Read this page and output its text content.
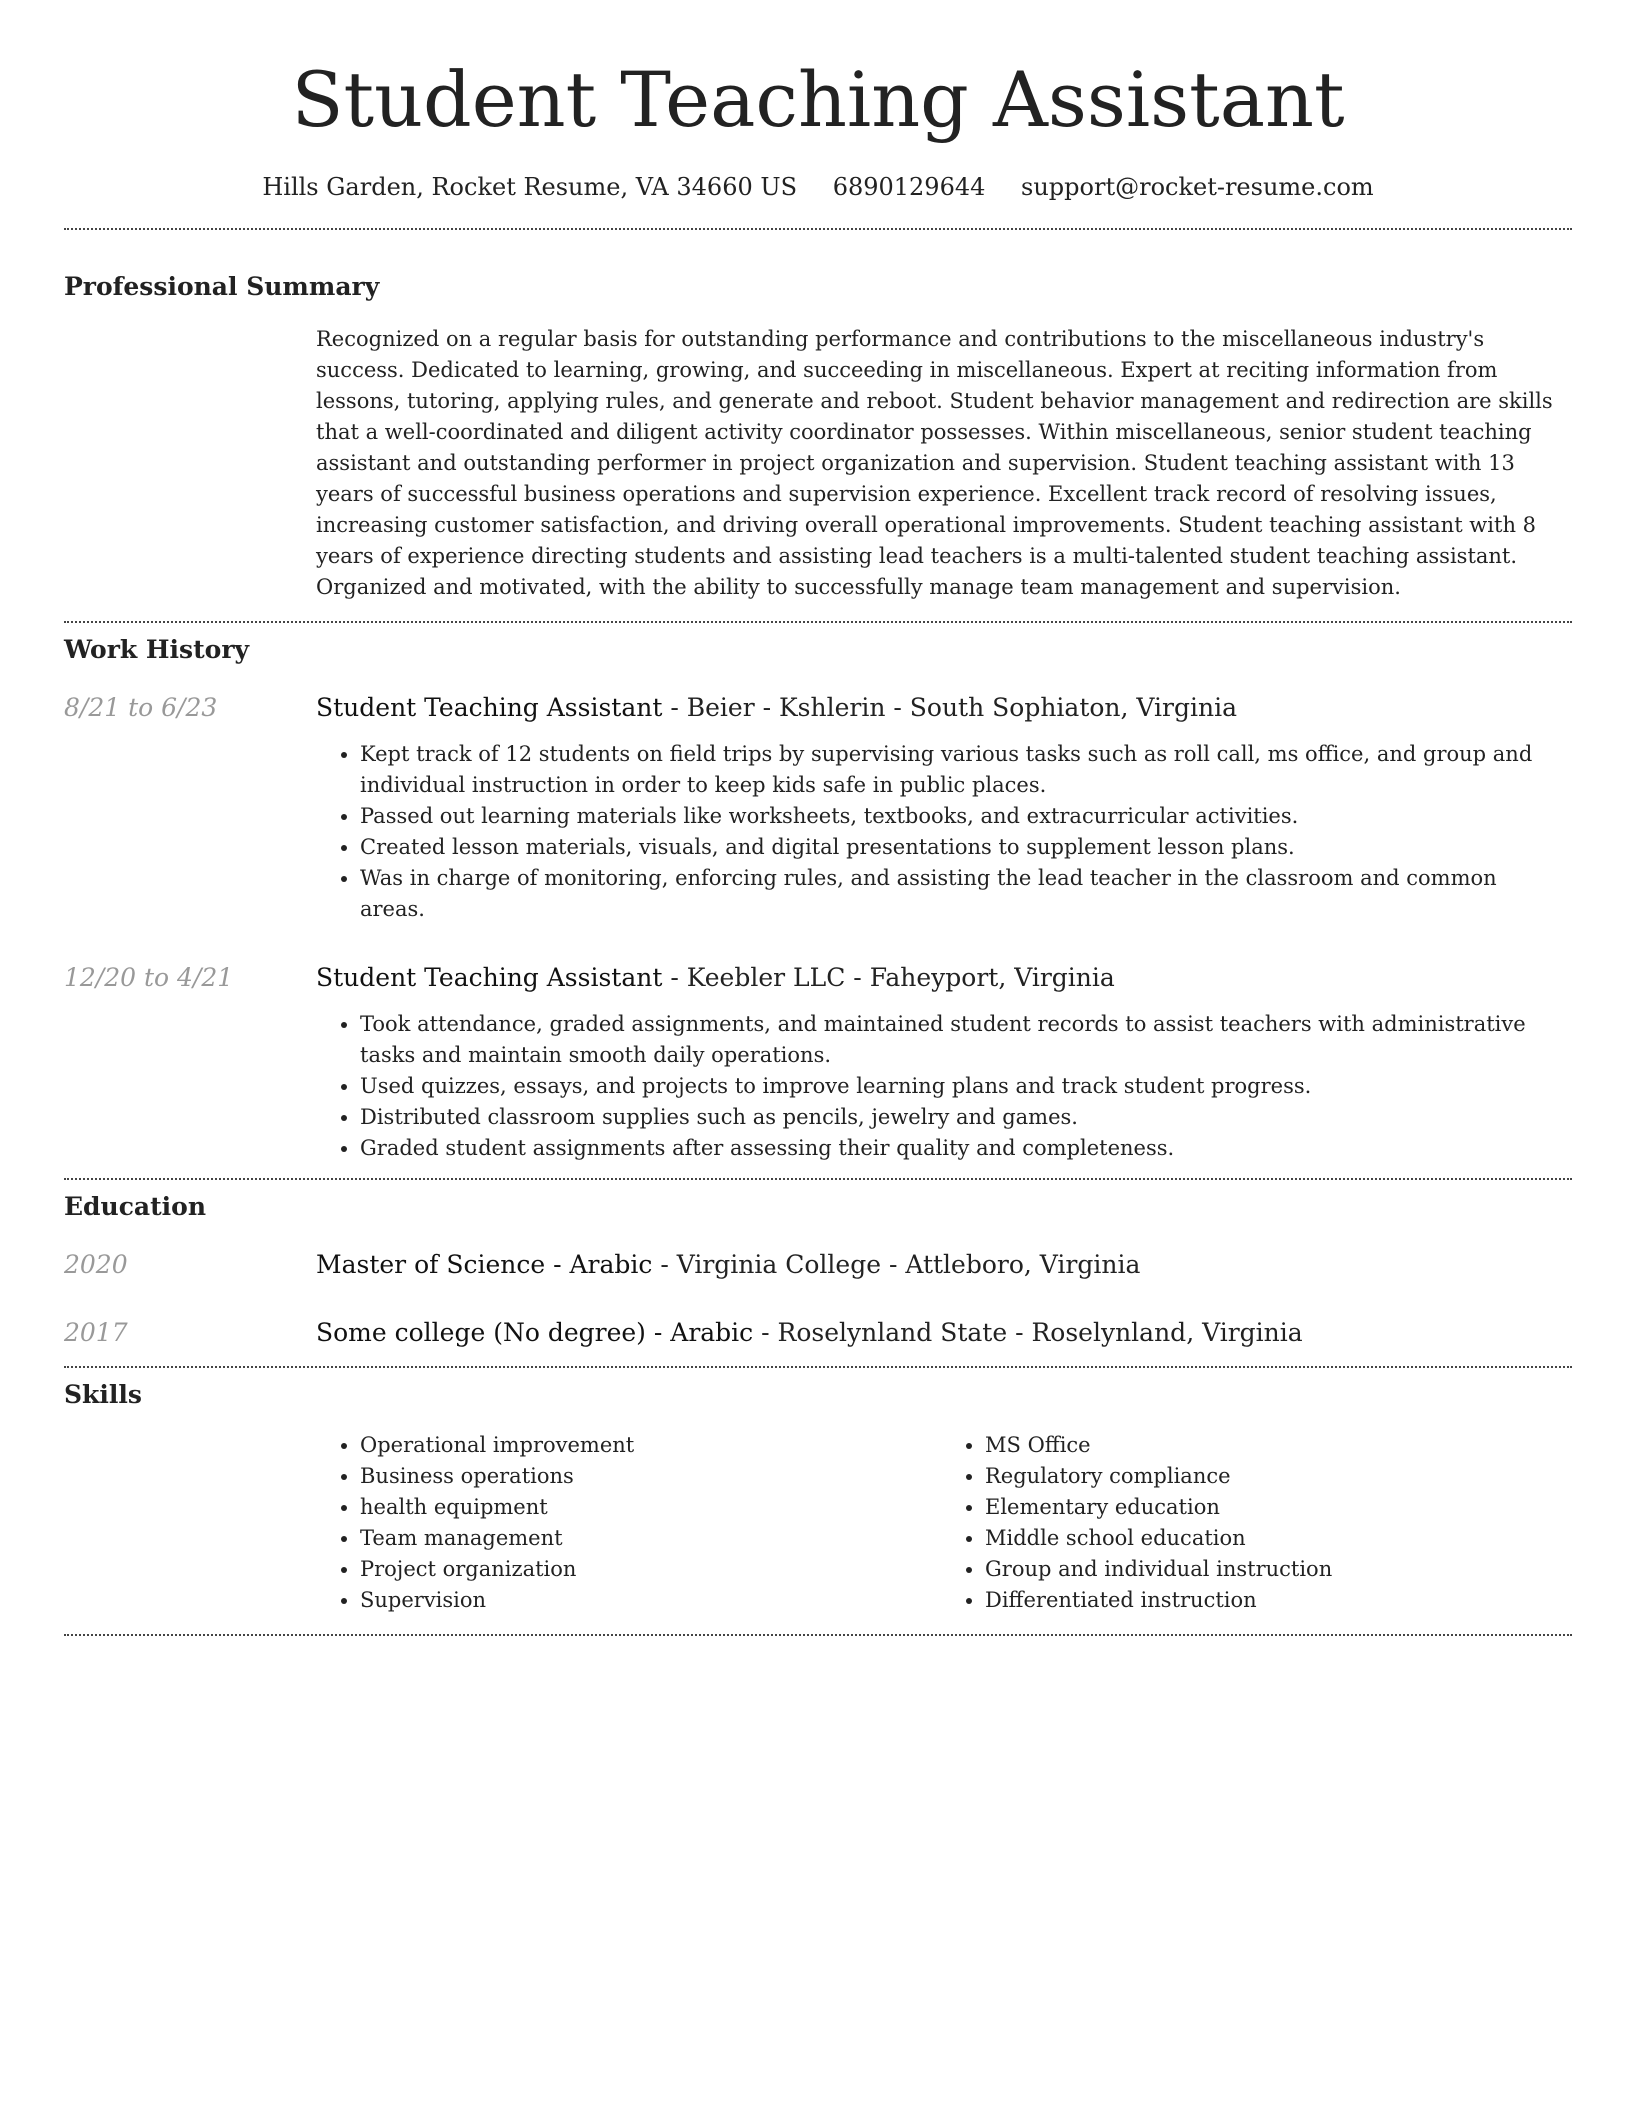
Student Teaching Assistant
Hills Garden, Rocket Resume, VA 34660 US 6890129644 support@rocket-resume.com
Professional Summary

Recognized on a regular basis for outstanding performance and contributions to the miscellaneous industry's success. Dedicated to learning, growing, and succeeding in miscellaneous. Expert at reciting information from lessons, tutoring, applying rules, and generate and reboot. Student behavior management and redirection are skills that a well-coordinated and diligent activity coordinator possesses. Within miscellaneous, senior student teaching assistant and outstanding performer in project organization and supervision. Student teaching assistant with 13 years of successful business operations and supervision experience. Excellent track record of resolving issues, increasing customer satisfaction, and driving overall operational improvements. Student teaching assistant with 8 years of experience directing students and assisting lead teachers is a multi-talented student teaching assistant. Organized and motivated, with the ability to successfully manage team management and supervision.

Work History
8/21 to 6/23	Student Teaching Assistant - Beier - Kshlerin - South Sophiaton, Virginia
• Kept track of 12 students on field trips by supervising various tasks such as roll call, ms office, and group and individual instruction in order to keep kids safe in public places.
• Passed out learning materials like worksheets, textbooks, and extracurricular activities.
• Created lesson materials, visuals, and digital presentations to supplement lesson plans.
• Was in charge of monitoring, enforcing rules, and assisting the lead teacher in the classroom and common areas.
12/20 to 4/21	Student Teaching Assistant - Keebler LLC - Faheyport, Virginia
• Took attendance, graded assignments, and maintained student records to assist teachers with administrative tasks and maintain smooth daily operations.
• Used quizzes, essays, and projects to improve learning plans and track student progress.
• Distributed classroom supplies such as pencils, jewelry and games.
• Graded student assignments after assessing their quality and completeness.
Education
2020	Master of Science - Arabic - Virginia College - Attleboro, Virginia
2017	Some college (No degree) - Arabic - Roselynland State - Roselynland, Virginia
Skills
• Operational improvement
• Business operations
• health equipment
• Team management
• Project organization
• Supervision
• MS Office
• Regulatory compliance
• Elementary education
• Middle school education
• Group and individual instruction
• Differentiated instruction
